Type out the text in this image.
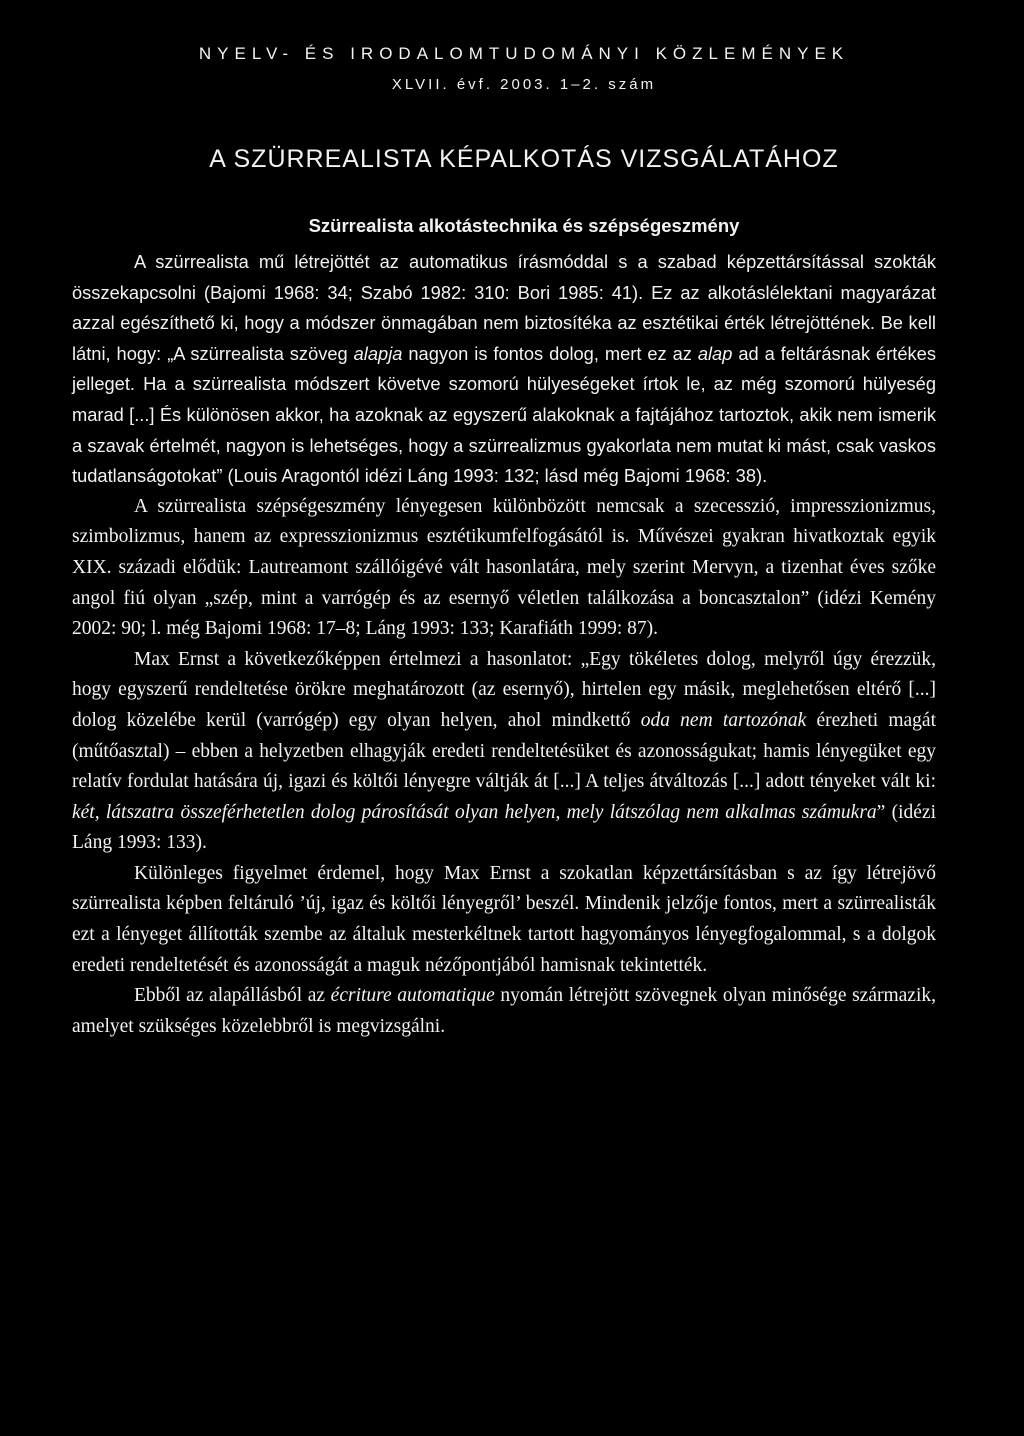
NYELV- ÉS IRODALOMTUDOMÁNYI KÖZLEMÉNYEK
XLVII. évf. 2003. 1–2. szám
A SZÜRREALISTA KÉPALKOTÁS VIZSGÁLATÁHOZ
Szürrealista alkotástechnika és szépségeszmény

A szürrealista mű létrejöttét az automatikus írásmóddal s a szabad képzettársítással szokták összekapcsolni (Bajomi 1968: 34; Szabó 1982: 310: Bori 1985: 41). Ez az alkotáslélektani magyarázat azzal egészíthető ki, hogy a módszer önmagában nem biztosítéka az esztétikai érték létrejöttének. Be kell látni, hogy: „A szürrealista szöveg alapja nagyon is fontos dolog, mert ez az alap ad a feltárásnak értékes jelleget. Ha a szürrealista módszert követve szomorú hülyeségeket írtok le, az még szomorú hülyeség marad [...] És különösen akkor, ha azoknak az egyszerű alakoknak a fajtájához tartoztok, akik nem ismerik a szavak értelmét, nagyon is lehetséges, hogy a szürrealizmus gyakorlata nem mutat ki mást, csak vaskos tudatlanságotokat” (Louis Aragontól idézi Láng 1993: 132; lásd még Bajomi 1968: 38).

A szürrealista szépségeszmény lényegesen különbözött nemcsak a szecesszió, impresszionizmus, szimbolizmus, hanem az expresszionizmus esztétikumfelfogásától is. Művészei gyakran hivatkoztak egyik XIX. századi elődük: Lautreamont szállóigévé vált hasonlatára, mely szerint Mervyn, a tizenhat éves szőke angol fiú olyan „szép, mint a varrógép és az esernyő véletlen találkozása a boncasztalon” (idézi Kemény 2002: 90; l. még Bajomi 1968: 17–8; Láng 1993: 133; Karafiáth 1999: 87).

Max Ernst a következőképpen értelmezi a hasonlatot: „Egy tökéletes dolog, melyről úgy érezzük, hogy egyszerű rendeltetése örökre meghatározott (az esernyő), hirtelen egy másik, meglehetősen eltérő [...] dolog közelébe kerül (varrógép) egy olyan helyen, ahol mindkettő oda nem tartozónak érezheti magát (műtőasztal) – ebben a helyzetben elhagyják eredeti rendeltetésüket és azonosságukat; hamis lényegüket egy relatív fordulat hatására új, igazi és költői lényegre váltják át [...] A teljes átváltozás [...] adott tényeket vált ki: két, látszatra összeférhetetlen dolog párosítását olyan helyen, mely látszólag nem alkalmas számukra” (idézi Láng 1993: 133).

Különleges figyelmet érdemel, hogy Max Ernst a szokatlan képzettársításban s az így létrejövő szürrealista képben feltáruló ’új, igaz és költői lényegről’ beszél. Mindenik jelzője fontos, mert a szürrealisták ezt a lényeget állították szembe az általuk mesterkéltnek tartott hagyományos lényegfogalommal, s a dolgok eredeti rendeltetését és azonosságát a maguk nézőpontjából hamisnak tekintették.

Ebből az alapállásból az écriture automatique nyomán létrejött szövegnek olyan minősége származik, amelyet szükséges közelebbről is megvizsgálni.
